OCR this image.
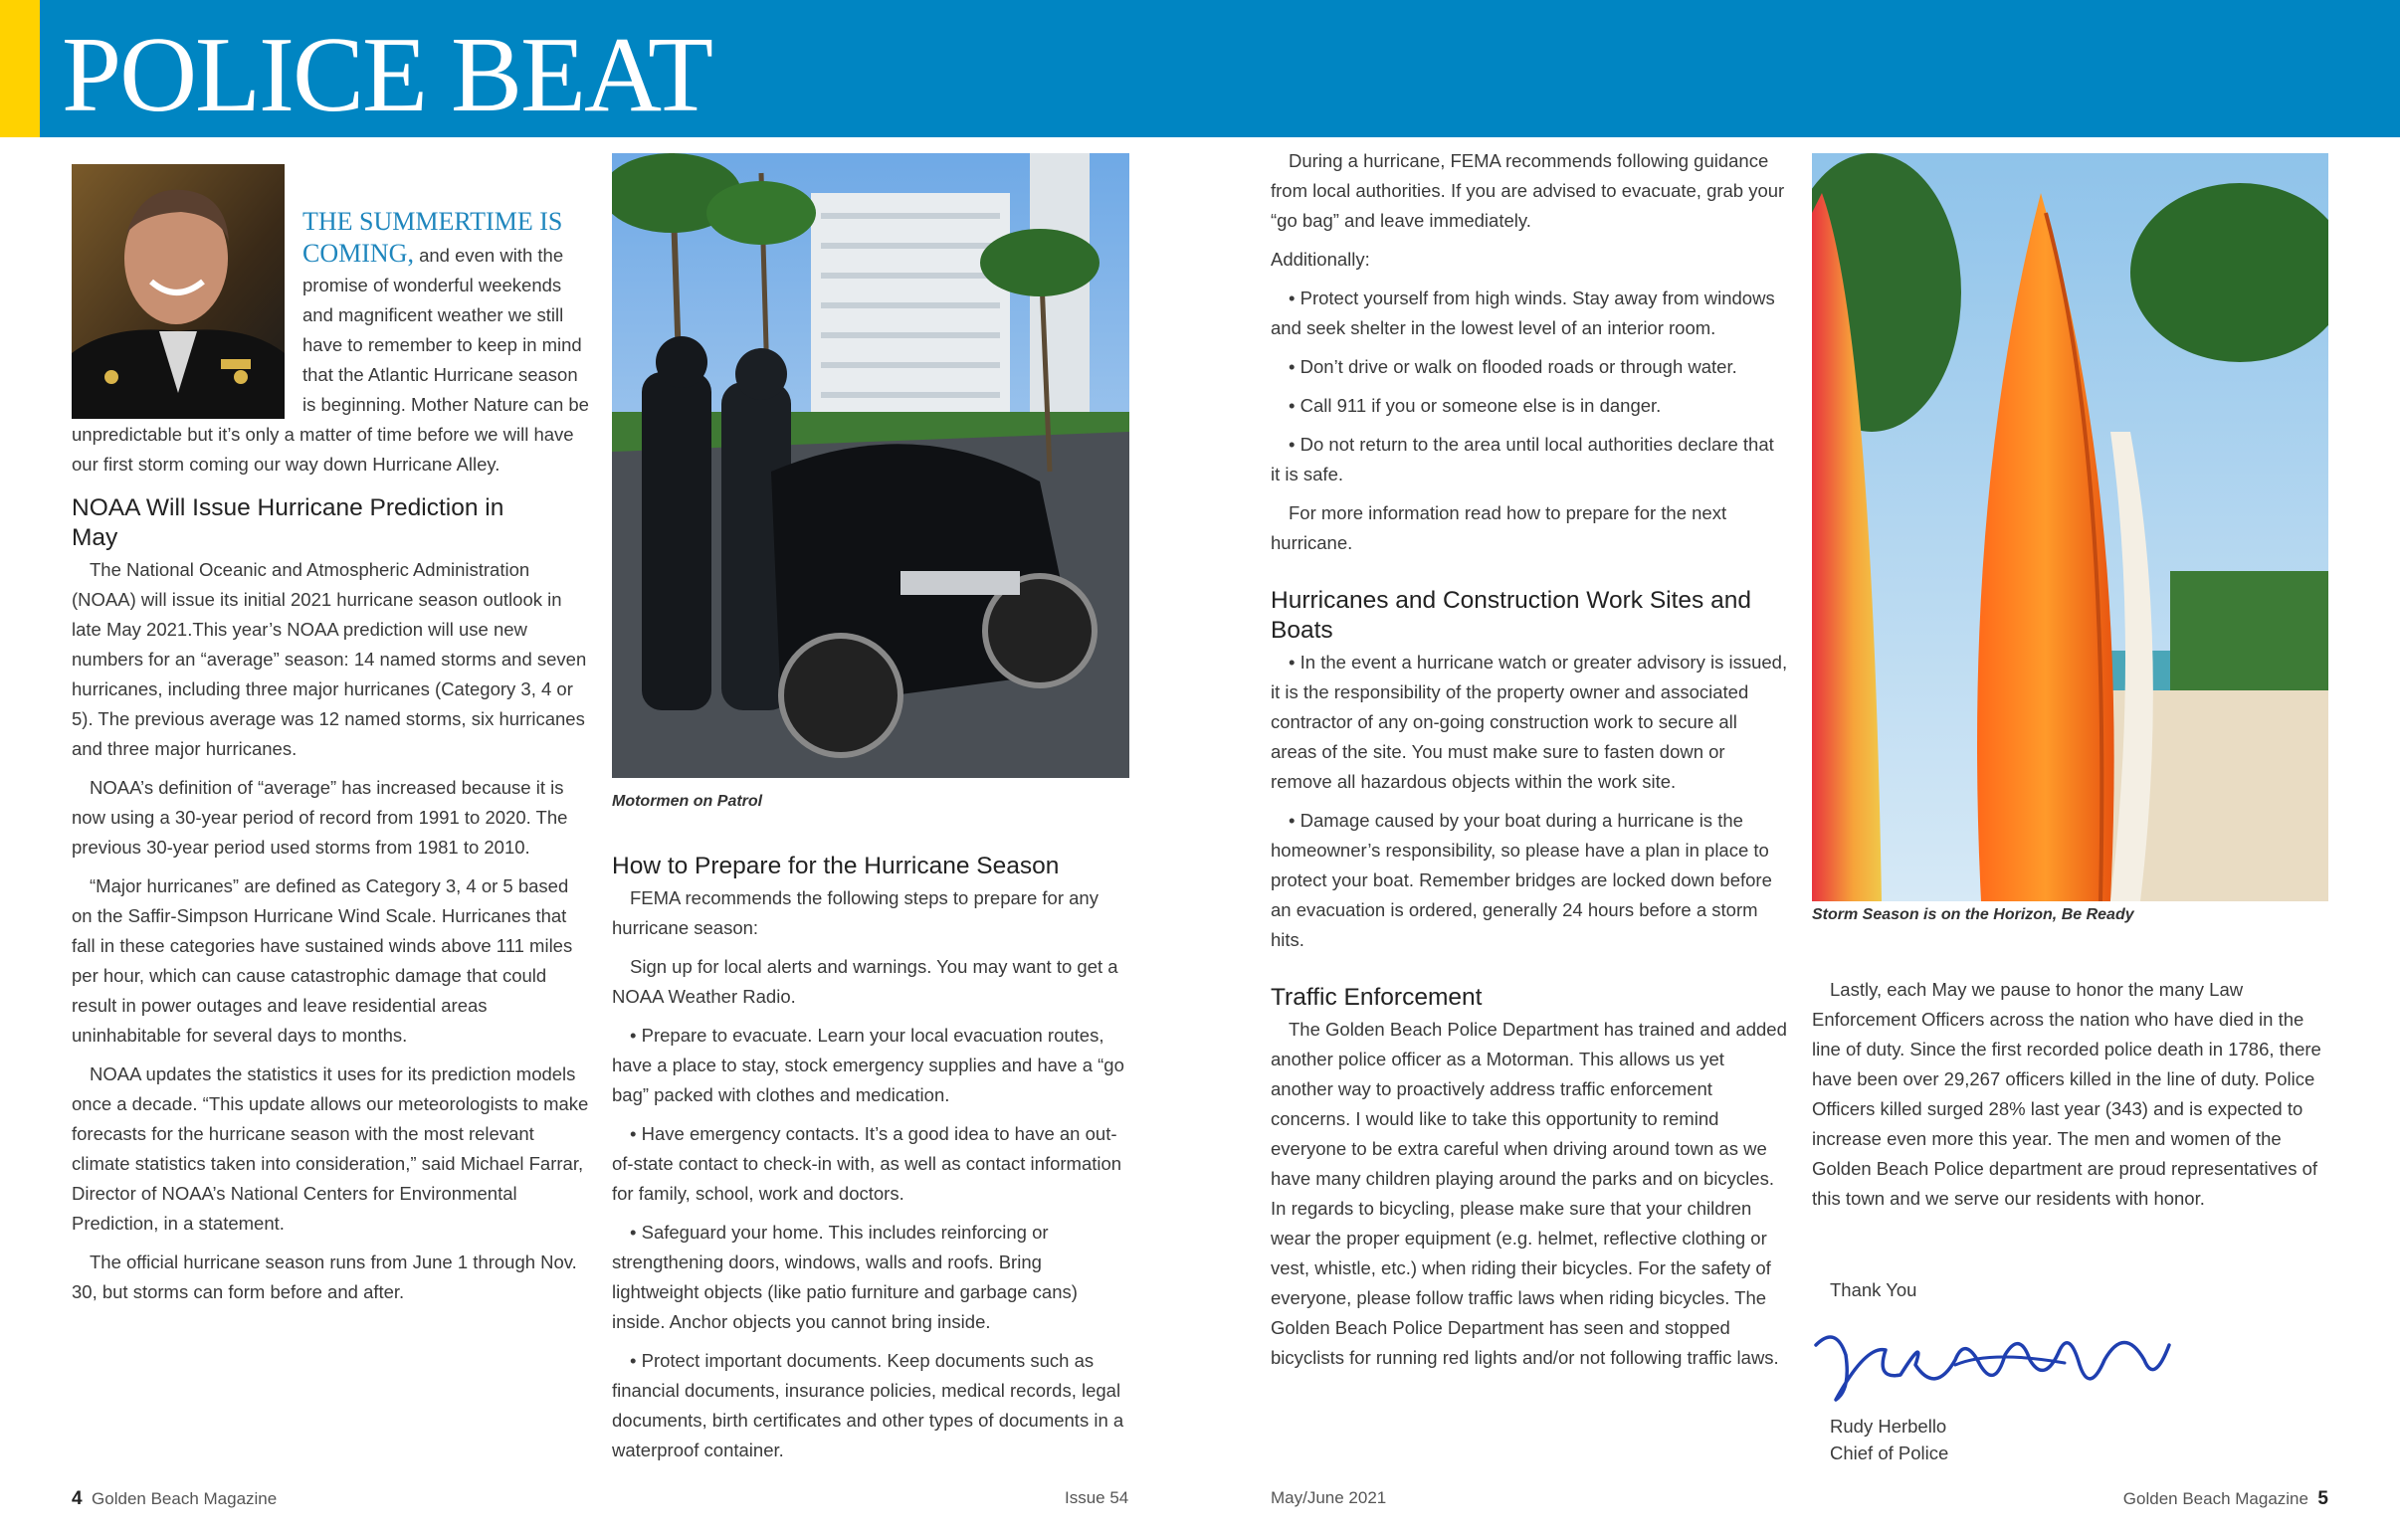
POLICE BEAT

THE SUMMERTIME IS COMING, and even with the promise of wonderful weekends and magnificent weather we still have to remember to keep in mind that the Atlantic Hurricane season is beginning. Mother Nature can be unpredictable but it’s only a matter of time before we will have our first storm coming our way down Hurricane Alley.

NOAA Will Issue Hurricane Prediction in May

The National Oceanic and Atmospheric Administration (NOAA) will issue its initial 2021 hurricane season outlook in late May 2021.This year’s NOAA prediction will use new numbers for an “average” season: 14 named storms and seven hurricanes, including three major hurricanes (Category 3, 4 or 5). The previous average was 12 named storms, six hurricanes and three major hurricanes.

NOAA’s definition of “average” has increased because it is now using a 30-year period of record from 1991 to 2020. The previous 30-year period used storms from 1981 to 2010.

“Major hurricanes” are defined as Category 3, 4 or 5 based on the Saffir-Simpson Hurricane Wind Scale. Hurricanes that fall in these categories have sustained winds above 111 miles per hour, which can cause catastrophic damage that could result in power outages and leave residential areas uninhabitable for several days to months.

NOAA updates the statistics it uses for its prediction models once a decade. “This update allows our meteorologists to make forecasts for the hurricane season with the most relevant climate statistics taken into consideration,” said Michael Farrar, Director of NOAA’s National Centers for Environmental Prediction, in a statement.

The official hurricane season runs from June 1 through Nov. 30, but storms can form before and after.

Motormen on Patrol
How to Prepare for the Hurricane Season

FEMA recommends the following steps to prepare for any hurricane season:

Sign up for local alerts and warnings. You may want to get a NOAA Weather Radio.

• Prepare to evacuate. Learn your local evacuation routes, have a place to stay, stock emergency supplies and have a “go bag” packed with clothes and medication.
• Have emergency contacts. It’s a good idea to have an out-of-state contact to check-in with, as well as contact information for family, school, work and doctors.
• Safeguard your home. This includes reinforcing or strengthening doors, windows, walls and roofs. Bring lightweight objects (like patio furniture and garbage cans) inside. Anchor objects you cannot bring inside.
• Protect important documents. Keep documents such as financial documents, insurance policies, medical records, legal documents, birth certificates and other types of documents in a waterproof container.

During a hurricane, FEMA recommends following guidance from local authorities. If you are advised to evacuate, grab your “go bag” and leave immediately.

Additionally:

• Protect yourself from high winds. Stay away from windows and seek shelter in the lowest level of an interior room.
• Don’t drive or walk on flooded roads or through water.
• Call 911 if you or someone else is in danger.
• Do not return to the area until local authorities declare that it is safe.

For more information read how to prepare for the next hurricane.

Hurricanes and Construction Work Sites and Boats
• In the event a hurricane watch or greater advisory is issued, it is the responsibility of the property owner and associated contractor of any on-going construction work to secure all areas of the site. You must make sure to fasten down or remove all hazardous objects within the work site.
• Damage caused by your boat during a hurricane is the homeowner’s responsibility, so please have a plan in place to protect your boat. Remember bridges are locked down before an evacuation is ordered, generally 24 hours before a storm hits.
Traffic Enforcement

The Golden Beach Police Department has trained and added another police officer as a Motorman. This allows us yet another way to proactively address traffic enforcement concerns. I would like to take this opportunity to remind everyone to be extra careful when driving around town as we have many children playing around the parks and on bicycles. In regards to bicycling, please make sure that your children wear the proper equipment (e.g. helmet, reflective clothing or vest, whistle, etc.) when riding their bicycles. For the safety of everyone, please follow traffic laws when riding bicycles. The Golden Beach Police Department has seen and stopped bicyclists for running red lights and/or not following traffic laws.

Storm Season is on the Horizon, Be Ready

Lastly, each May we pause to honor the many Law Enforcement Officers across the nation who have died in the line of duty. Since the first recorded police death in 1786, there have been over 29,267 officers killed in the line of duty. Police Officers killed surged 28% last year (343) and is expected to increase even more this year. The men and women of the Golden Beach Police department are proud representatives of this town and we serve our residents with honor.

Thank You
Rudy Herbello
Chief of Police
4 Golden Beach Magazine	Issue 54	May/June 2021	Golden Beach Magazine 5
